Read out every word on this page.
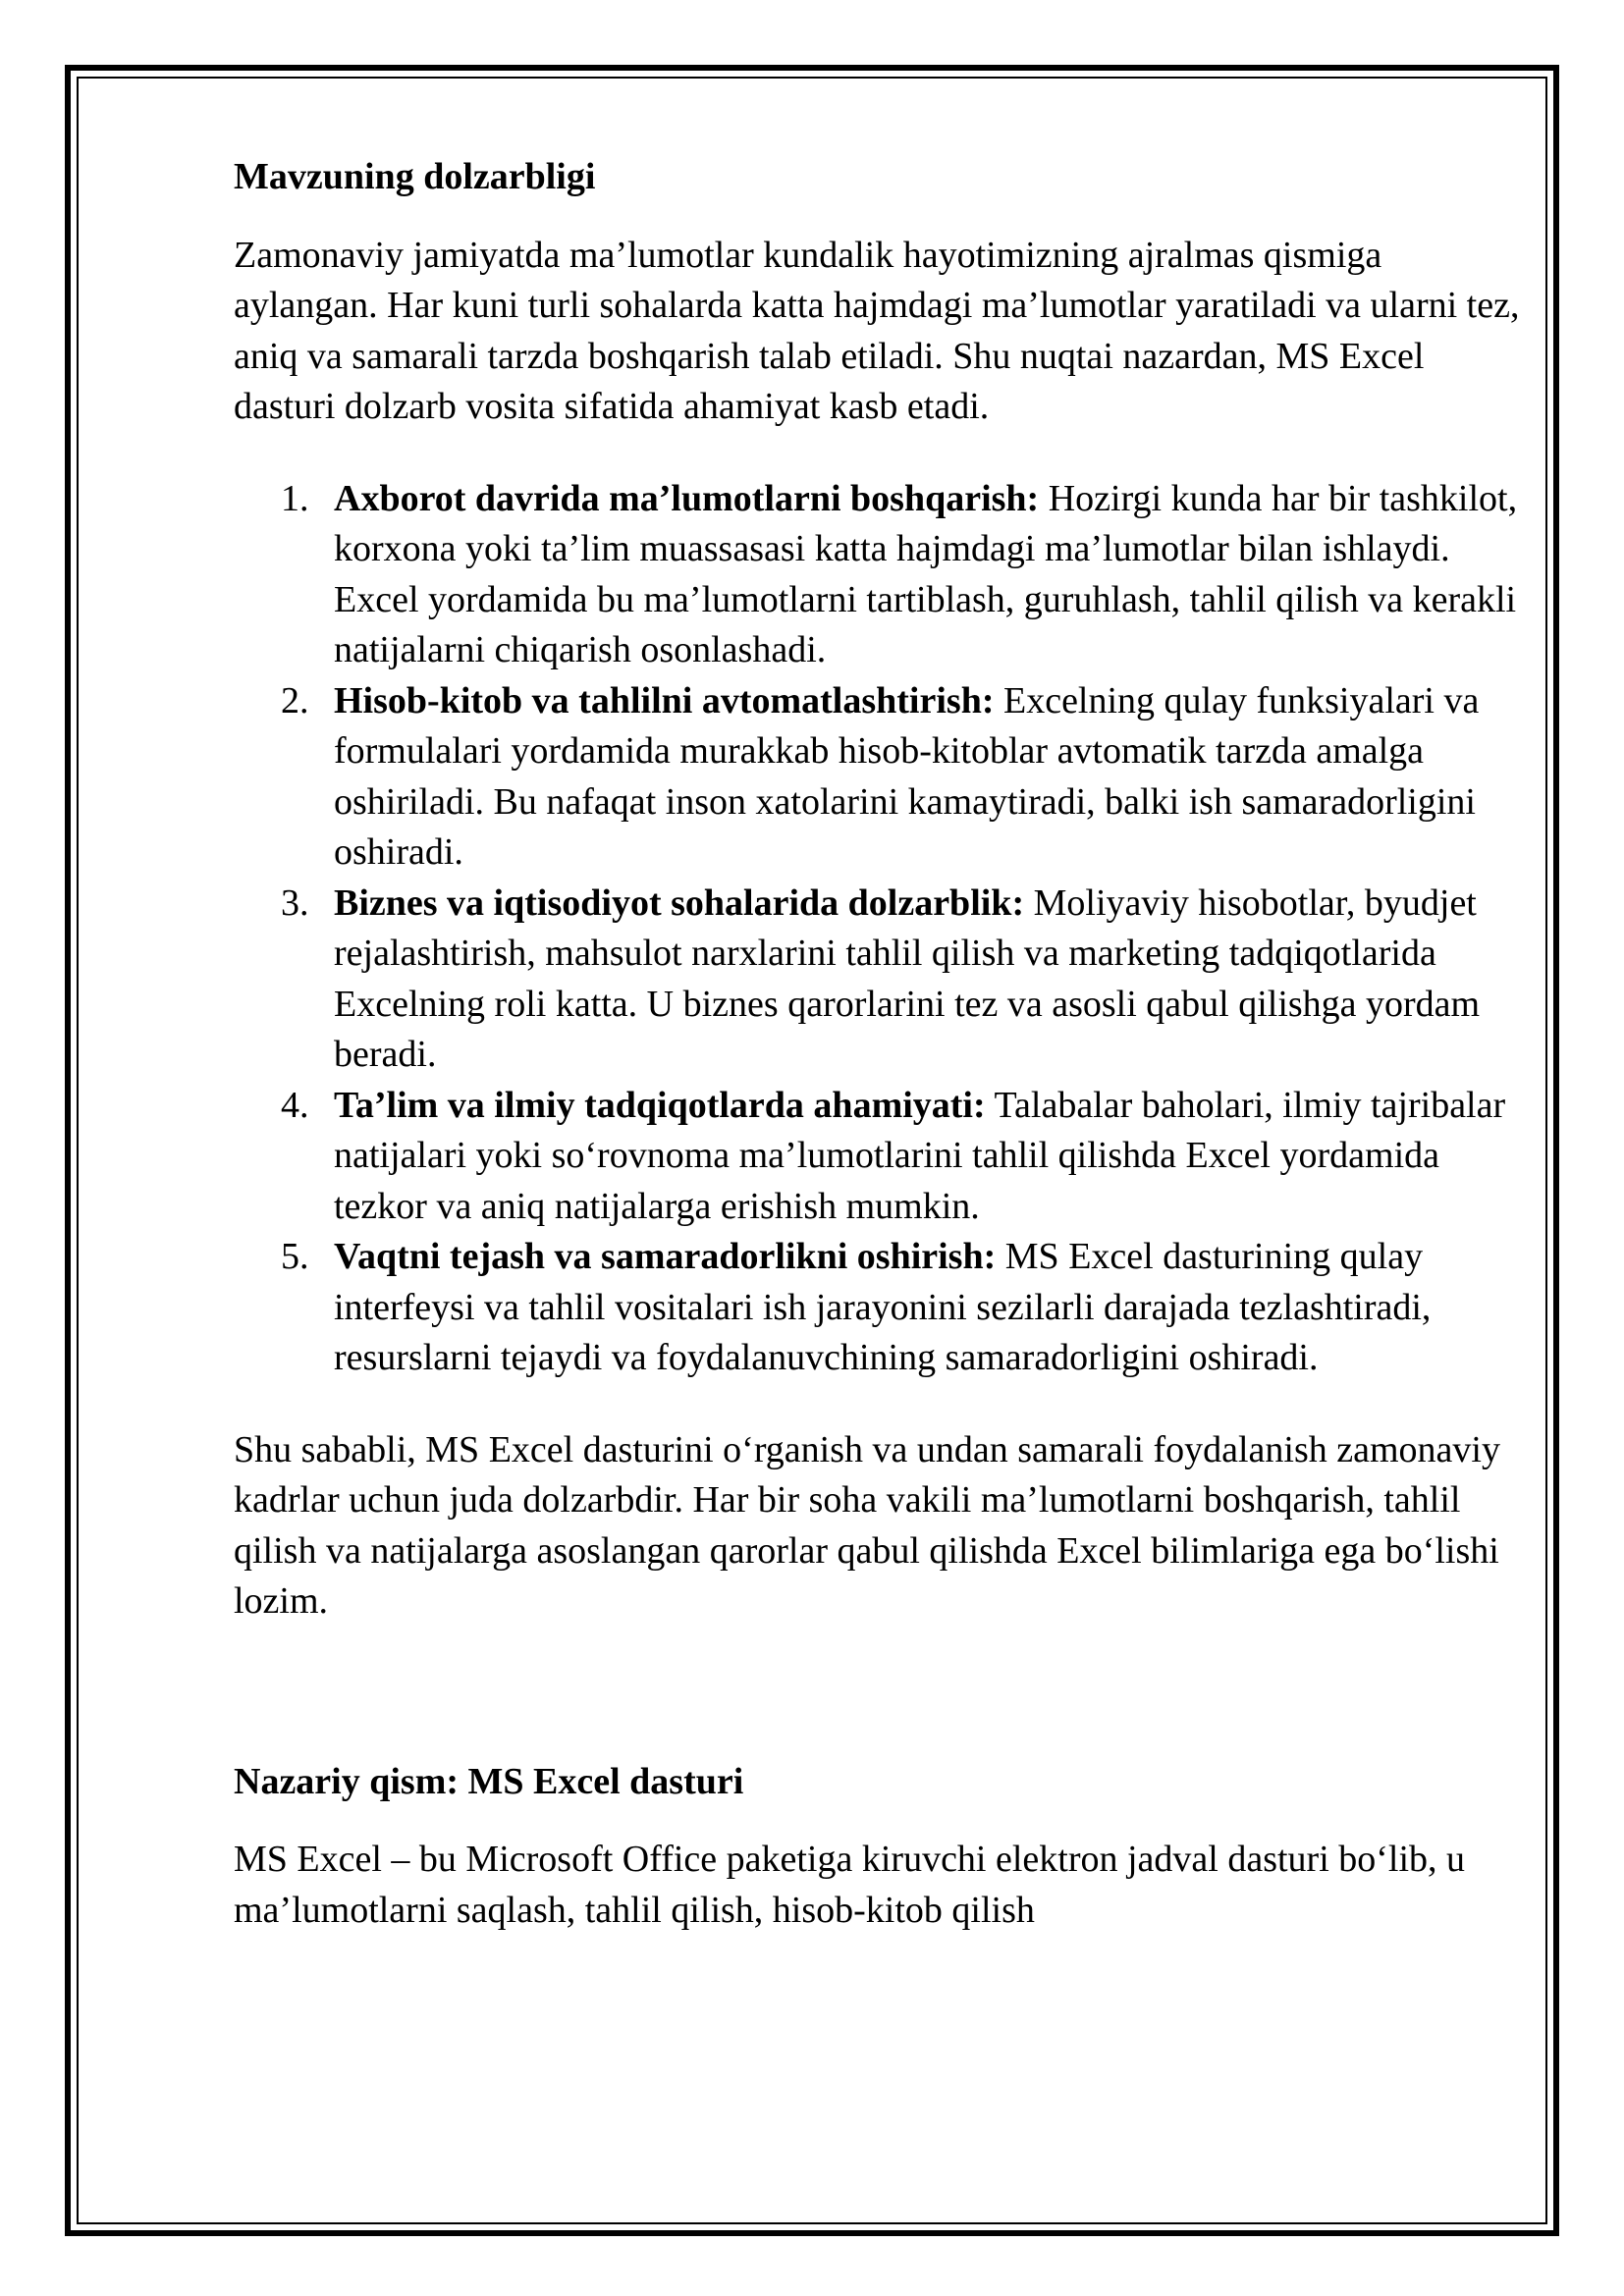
Mavzuning dolzarbligi

Zamonaviy jamiyatda ma’lumotlar kundalik hayotimizning ajralmas qismiga aylangan. Har kuni turli sohalarda katta hajmdagi ma’lumotlar yaratiladi va ularni tez, aniq va samarali tarzda boshqarish talab etiladi. Shu nuqtai nazardan, MS Excel dasturi dolzarb vosita sifatida ahamiyat kasb etadi.

1. Axborot davrida ma’lumotlarni boshqarish: Hozirgi kunda har bir tashkilot, korxona yoki ta’lim muassasasi katta hajmdagi ma’lumotlar bilan ishlaydi. Excel yordamida bu ma’lumotlarni tartiblash, guruhlash, tahlil qilish va kerakli natijalarni chiqarish osonlashadi.
2. Hisob-kitob va tahlilni avtomatlashtirish: Excelning qulay funksiyalari va formulalari yordamida murakkab hisob-kitoblar avtomatik tarzda amalga oshiriladi. Bu nafaqat inson xatolarini kamaytiradi, balki ish samaradorligini oshiradi.
3. Biznes va iqtisodiyot sohalarida dolzarblik: Moliyaviy hisobotlar, byudjet rejalashtirish, mahsulot narxlarini tahlil qilish va marketing tadqiqotlarida Excelning roli katta. U biznes qarorlarini tez va asosli qabul qilishga yordam beradi.
4. Ta’lim va ilmiy tadqiqotlarda ahamiyati: Talabalar baholari, ilmiy tajribalar natijalari yoki so‘rovnoma ma’lumotlarini tahlil qilishda Excel yordamida tezkor va aniq natijalarga erishish mumkin.
5. Vaqtni tejash va samaradorlikni oshirish: MS Excel dasturining qulay interfeysi va tahlil vositalari ish jarayonini sezilarli darajada tezlashtiradi, resurslarni tejaydi va foydalanuvchining samaradorligini oshiradi.

Shu sababli, MS Excel dasturini o‘rganish va undan samarali foydalanish zamonaviy kadrlar uchun juda dolzarbdir. Har bir soha vakili ma’lumotlarni boshqarish, tahlil qilish va natijalarga asoslangan qarorlar qabul qilishda Excel bilimlariga ega bo‘lishi lozim.

Nazariy qism: MS Excel dasturi

MS Excel – bu Microsoft Office paketiga kiruvchi elektron jadval dasturi bo‘lib, u ma’lumotlarni saqlash, tahlil qilish, hisob-kitob qilish
